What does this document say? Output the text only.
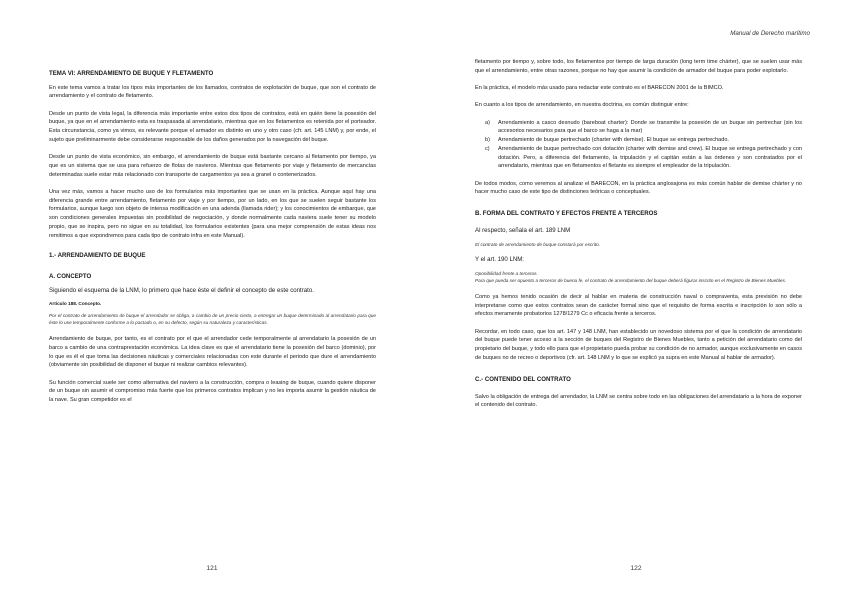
TEMA VI: ARRENDAMIENTO DE BUQUE Y FLETAMENTO

En este tema vamos a tratar los tipos más importantes de los llamados, contratos de explotación de buque, que son el contrato de arrendamiento y el contrato de fletamento.

Desde un punto de vista legal, la diferencia más importante entre estos dos tipos de contratos, está en quién tiene la posesión del buque, ya que en el arrendamiento esta es traspasada al arrendatario, mientras que en los fletamentos es retenida por el porteador. Esta circunstancia, como ya vimos, es relevante porque el armador es distinto en uno y otro caso (cfr. art. 145 LNM) y, por ende, el sujeto que preliminarmente debe considerarse responsable de los daños generados por la navegación del buque.

Desde un punto de vista económico, sin embargo, el arrendamiento de buque está bastante cercano al fletamento por tiempo, ya que es un sistema que se usa para refuerzo de flotas de navieros. Mientras que fletamento por viaje y fletamento de mercancías determinadas suele estar más relacionado con transporte de cargamentos ya sea a granel o contenerizados.

Una vez más, vamos a hacer mucho uso de los formularios más importantes que se usan en la práctica. Aunque aquí hay una diferencia grande entre arrendamiento, fletamento por viaje y por tiempo, por un lado, en los que se suelen seguir bastante los formularios, aunque luego son objeto de intensa modificación en una adenda (llamada rider); y los conocimientos de embarque, que son condiciones generales impuestas sin posibilidad de negociación, y donde normalmente cada naviera suele tener su modelo propio, que se inspira, pero no sigue en su totalidad, los formularios existentes (para una mejor comprensión de estas ideas nos remitimos a que expondremos para cada tipo de contrato infra en este Manual).

1.- ARRENDAMIENTO DE BUQUE

A. CONCEPTO

Siguiendo el esquema de la LNM, lo primero que hace éste el definir el concepto de este contrato.

Artículo 188. Concepto.

Por el contrato de arrendamiento de buque el arrendador se obliga, a cambio de un precio cierto, a entregar un buque determinado al arrendatario para que éste lo use temporalmente conforme a lo pactado o, en su defecto, según su naturaleza y características.

Arrendamiento de buque, por tanto, es el contrato por el que el arrendador cede temporalmente al arrendatario la posesión de un barco a cambio de una contraprestación económica. La idea clave es que el arrendatario tiene la posesión del barco (dominio), por lo que es él el que toma las decisiones náuticas y comerciales relacionadas con este durante el periodo que dure el arrendamiento (obviamente sin posibilidad de disponer el buque ni realizar cambios relevantes).

Su función comercial suele ser como alternativa del naviero a la construcción, compra o leasing de buque, cuando quiere disponer de un buque sin asumir el compromiso más fuerte que los primeros contratos implican y no les importa asumir la gestión náutica de la nave. Su gran competidor es el

121
Manual de Derecho marítimo

fletamento por tiempo y, sobre todo, los fletamentos por tiempo de larga duración (long term time chárter), que se suelen usar más que el arrendamiento, entre otras razones, porque no hay que asumir la condición de armador del buque para poder explotarlo.

En la práctica, el modelo más usado para redactar este contrato es el BARECON 2001 de la BIMCO.

En cuanto a los tipos de arrendamiento, en nuestra doctrina, es común distinguir entre:

a)	Arrendamiento a casco desnudo (bareboat charter): Donde se transmite la posesión de un buque sin pertrechar (sin los accesorios necesarios para que el barco se haga a la mar)
b)	Arrendamiento de buque pertrechado (charter with demise). El buque se entrega pertrechado.
c)	Arrendamiento de buque pertrechado con dotación (charter with demise and crew). El buque se entrega pertrechado y con dotación. Pero, a diferencia del fletamento, la tripulación y el capitán están a las órdenes y son contratados por el arrendatario, mientras que en fletamentos el fletante es siempre el empleador de la tripulación.

De todos modos, como veremos al analizar el BARECON, en la práctica anglosajona es más común hablar de demise chárter y no hacer mucho caso de este tipo de distinciones teóricas o conceptuales.

B. FORMA DEL CONTRATO Y EFECTOS FRENTE A TERCEROS

Al respecto, señala el art. 189 LNM

El contrato de arrendamiento de buque constará por escrito.

Y el art. 190 LNM:

Oponibilidad frente a terceros.

Para que pueda ser opuesto a terceros de buena fe, el contrato de arrendamiento del buque deberá figurar inscrito en el Registro de Bienes Muebles.

Como ya hemos tenido ocasión de decir al hablar en materia de construcción naval o compraventa, esta previsión no debe interpretarse como que estos contratos sean de carácter formal sino que el requisito de forma escrita e inscripción lo son sólo a efectos meramente probatorios 1278/1279 Cc o eficacia frente a terceros.

Recordar, en todo caso, que los art. 147 y 148 LNM, han establecido un novedoso sistema por el que la condición de arrendatario del buque puede tener acceso a la sección de buques del Registro de Bienes Muebles, tanto a petición del arrendatario como del propietario del buque, y todo ello para que el propietario pueda probar su condición de no armador, aunque exclusivamente en casos de buques no de recreo o deportivos (cfr. art. 148 LNM y lo que se explicó ya supra en este Manual al hablar de armador).

C.- CONTENIDO DEL CONTRATO

Salvo la obligación de entrega del arrendador, la LNM se centra sobre todo en las obligaciones del arrendatario a la hora de exponer el contenido del contrato.

122
